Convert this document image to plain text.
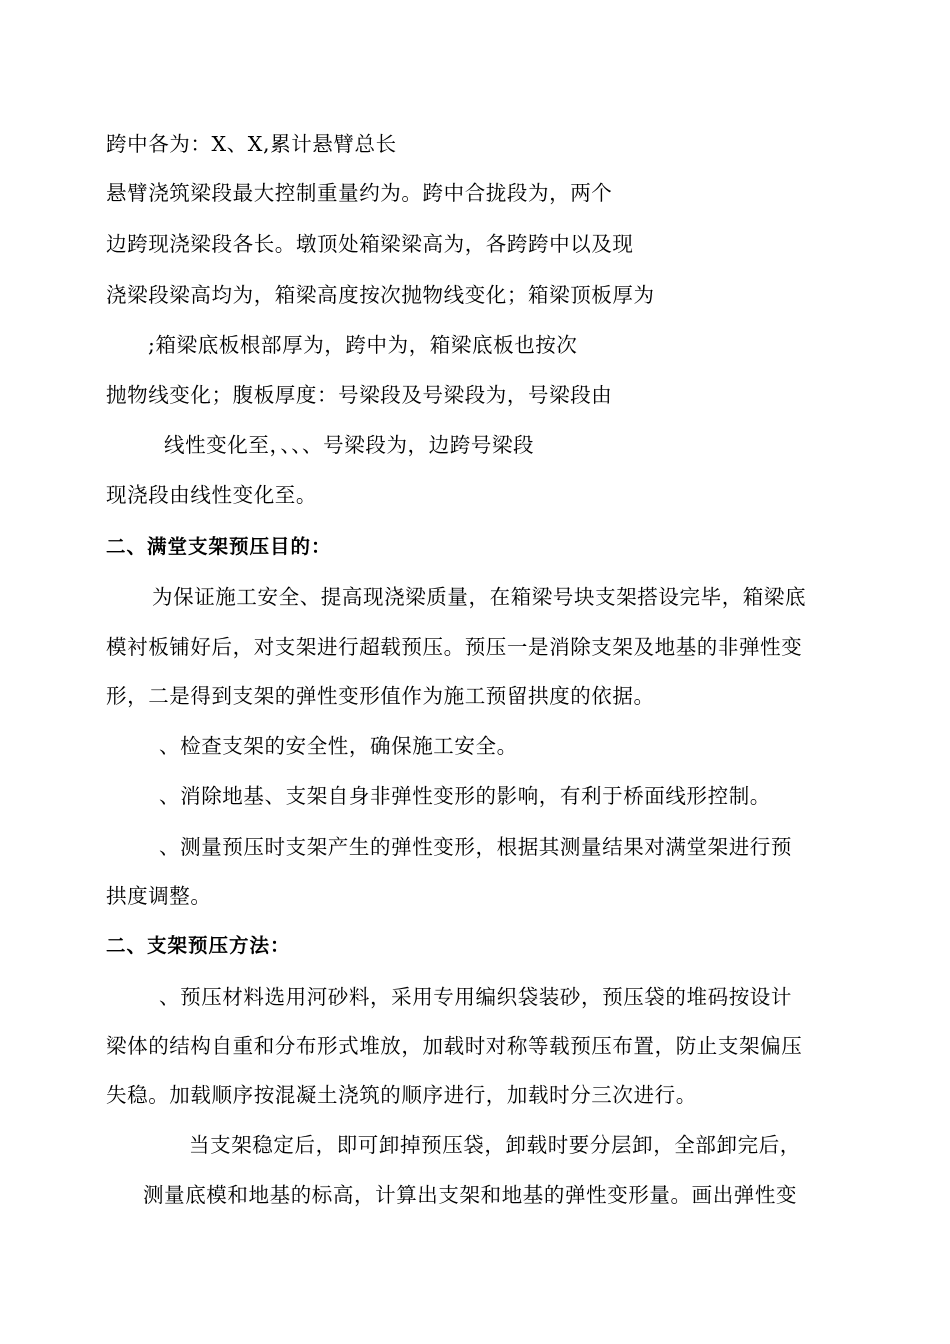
跨中各为：X、X,累计悬臂总长
悬臂浇筑梁段最大控制重量约为。跨中合拢段为，两个
边跨现浇梁段各长。墩顶处箱梁梁高为，各跨跨中以及现
浇梁段梁高均为，箱梁高度按次抛物线变化；箱梁顶板厚为
;箱梁底板根部厚为，跨中为，箱梁底板也按次
抛物线变化；腹板厚度：号梁段及号梁段为，号梁段由
线性变化至，、、、号梁段为，边跨号梁段
现浇段由线性变化至。
二、满堂支架预压目的：
为保证施工安全、提高现浇梁质量，在箱梁号块支架搭设完毕，箱梁底
模衬板铺好后，对支架进行超载预压。预压一是消除支架及地基的非弹性变
形，二是得到支架的弹性变形值作为施工预留拱度的依据。
、检查支架的安全性，确保施工安全。
、消除地基、支架自身非弹性变形的影响，有利于桥面线形控制。
、测量预压时支架产生的弹性变形，根据其测量结果对满堂架进行预
拱度调整。
二、支架预压方法：
、预压材料选用河砂料，采用专用编织袋装砂，预压袋的堆码按设计
梁体的结构自重和分布形式堆放，加载时对称等载预压布置，防止支架偏压
失稳。加载顺序按混凝土浇筑的顺序进行，加载时分三次进行。
当支架稳定后，即可卸掉预压袋，卸载时要分层卸，全部卸完后，
测量底模和地基的标高，计算出支架和地基的弹性变形量。画出弹性变
